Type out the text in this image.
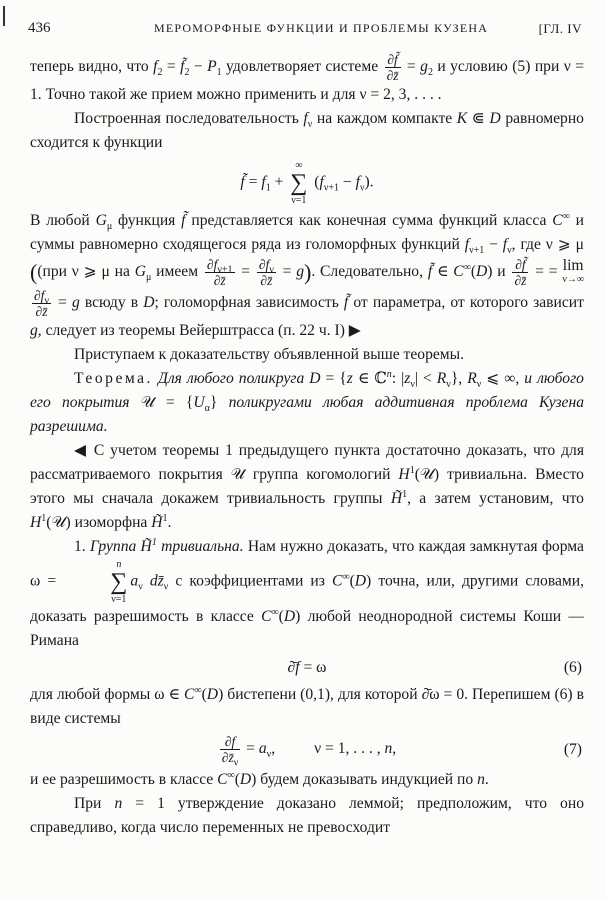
436	МЕРОМОРФНЫЕ ФУНКЦИИ И ПРОБЛЕМЫ КУЗЕНА	[ГЛ. IV

теперь видно, что $f_2$ = $f̃_2 - P_1$ удовлетворяет системе $\frac{\partial f̃}{\partial z̄} = g_2$ и условию (5) при ν = 1. Точно такой же прием можно применить и для ν = 2, 3, . . . .

Построенная последовательность $f_\nu$ на каждом компакте K ⋐ D равномерно сходится к функции

f̃ = $f_1$ +
∞
∑
ν=1
$(f_{\nu+1} - f_\nu)$.

В любой $G_\mu$ функция f̃ представляется как конечная сумма функций класса C∞ и суммы равномерно сходящегося ряда из голоморфных функций $f_{\nu+1} - f_\nu$, где ν ⩾ μ ((при ν ⩾ μ на $G_\mu$ имеем $\frac{\partial f_{\nu+1}}{\partial z̄} = \frac{\partial f_\nu}{\partial z̄} = g$). Следовательно, f̃ ∈ C∞(D) и $\frac{\partial f̃}{\partial z̄}$ = = lim
ν→∞

$\frac{\partial f_\nu}{\partial z̄} = g$ всюду в D; голоморфная зависимость f̃ от параметра, от которого зависит g, следует из теоремы Вейерштрасса (п. 22 ч. I) ▶

Приступаем к доказательству объявленной выше теоремы.

Теорема. Для любого поликруга D = {z ∈ ℂ$^n$: $|z_\nu| < R_\nu$}, $R_\nu$ ⩽ ∞, и любого его покрытия 𝒰 = $\{U_\alpha\}$ поликругами любая аддитивная проблема Кузена разрешима.

◀ С учетом теоремы 1 предыдущего пункта достаточно доказать, что для рассматриваемого покрытия 𝒰 группа когомологий $H^1(𝒰)$ тривиальна. Вместо этого мы сначала докажем тривиальность группы H̃$^1$, а затем установим, что $H^1(𝒰)$ изоморфна H̃$^1$.

1. Группа H̃$^1$ тривиальна. Нам нужно доказать, что каждая замкнутая форма ω =
n
∑
ν=1
$a_\nu$ $dz̄_\nu$ с коэффициентами из C∞(D) точна, или, другими словами, доказать разрешимость в классе C∞(D) любой неоднородной системы Коши — Римана

∂̄f = ω	(6)

для любой формы ω ∈ C∞(D) бистепени (0,1), для которой ∂̄ω = 0. Перепишем (6) в виде системы

$\frac{\partial f}{\partial z̄_\nu} = a_\nu$,          ν = 1, . . . , n,	(7)

и ее разрешимость в классе C∞(D) будем доказывать индукцией по n.

При n = 1 утверждение доказано леммой; предположим, что оно справедливо, когда число переменных не превосходит
